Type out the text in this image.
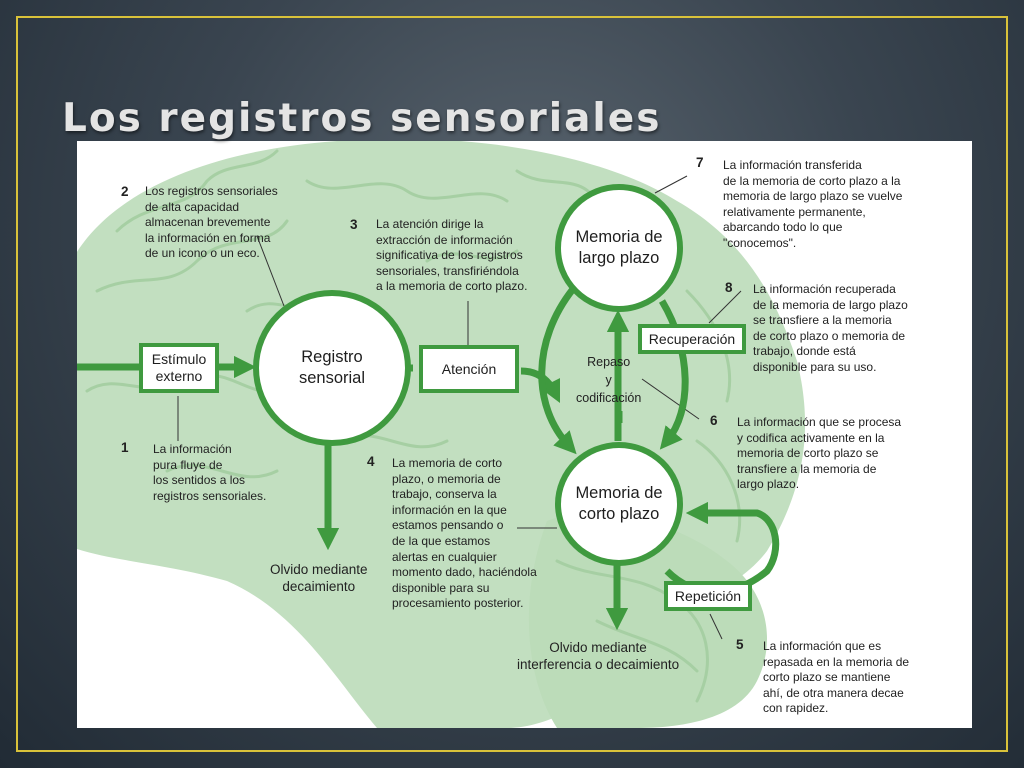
Los registros sensoriales
Registro
sensorial
Memoria de
largo plazo
Memoria de
corto plazo
Estímulo
externo	Atención
Recuperación
Repetición
Repaso
y
codificación
Olvido mediante
decaimiento
Olvido mediante
interferencia o decaimiento
1 La información
pura fluye de
los sentidos a los
registros sensoriales.
2 Los registros sensoriales
de alta capacidad
almacenan brevemente
la información en forma
de un icono o un eco.
3 La atención dirige la
extracción de información
significativa de los registros
sensoriales, transfiriéndola
a la memoria de corto plazo.
4 La memoria de corto
plazo, o memoria de
trabajo, conserva la
información en la que
estamos pensando o
de la que estamos
alertas en cualquier
momento dado, haciéndola
disponible para su
procesamiento posterior.
5 La información que es
repasada en la memoria de
corto plazo se mantiene
ahí, de otra manera decae
con rapidez.
6 La información que se procesa
y codifica activamente en la
memoria de corto plazo se
transfiere a la memoria de
largo plazo.
7 La información transferida
de la memoria de corto plazo a la
memoria de largo plazo se vuelve
relativamente permanente,
abarcando todo lo que
"conocemos".
8 La información recuperada
de la memoria de largo plazo
se transfiere a la memoria
de corto plazo o memoria de
trabajo, donde está
disponible para su uso.
